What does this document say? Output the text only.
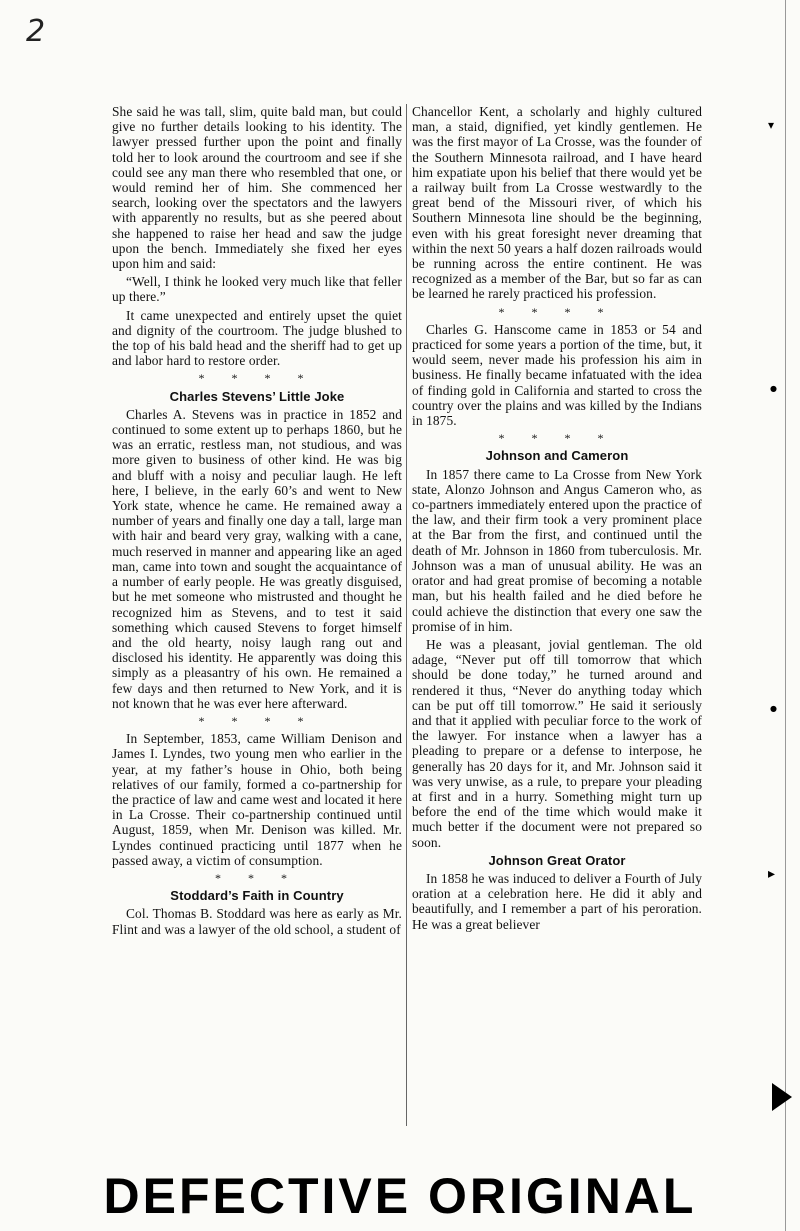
2

She said he was tall, slim, quite bald man, but could give no further details looking to his identity. The lawyer pressed further upon the point and finally told her to look around the courtroom and see if she could see any man there who resembled that one, or would remind her of him. She commenced her search, looking over the spectators and the lawyers with apparently no results, but as she peered about she happened to raise her head and saw the judge upon the bench. Immediately she fixed her eyes upon him and said:

“Well, I think he looked very much like that feller up there.”

It came unexpected and entirely upset the quiet and dignity of the courtroom. The judge blushed to the top of his bald head and the sheriff had to get up and labor hard to restore order.

* * * *
Charles Stevens’ Little Joke

Charles A. Stevens was in practice in 1852 and continued to some extent up to perhaps 1860, but he was an erratic, restless man, not studious, and was more given to business of other kind. He was big and bluff with a noisy and peculiar laugh. He left here, I believe, in the early 60’s and went to New York state, whence he came. He remained away a number of years and finally one day a tall, large man with hair and beard very gray, walking with a cane, much reserved in manner and appearing like an aged man, came into town and sought the acquaintance of a number of early people. He was greatly disguised, but he met someone who mistrusted and thought he recognized him as Stevens, and to test it said something which caused Stevens to forget himself and the old hearty, noisy laugh rang out and disclosed his identity. He apparently was doing this simply as a pleasantry of his own. He remained a few days and then returned to New York, and it is not known that he was ever here afterward.

* * * *

In September, 1853, came William Denison and James I. Lyndes, two young men who earlier in the year, at my father’s house in Ohio, both being relatives of our family, formed a co-partnership for the practice of law and came west and located it here in La Crosse. Their co-partnership continued until August, 1859, when Mr. Denison was killed. Mr. Lyndes continued practicing until 1877 when he passed away, a victim of consumption.

* * *
Stoddard’s Faith in Country

Col. Thomas B. Stoddard was here as early as Mr. Flint and was a lawyer of the old school, a student of

Chancellor Kent, a scholarly and highly cultured man, a staid, dignified, yet kindly gentlemen. He was the first mayor of La Crosse, was the founder of the Southern Minnesota railroad, and I have heard him expatiate upon his belief that there would yet be a railway built from La Crosse westwardly to the great bend of the Missouri river, of which his Southern Minnesota line should be the beginning, even with his great foresight never dreaming that within the next 50 years a half dozen railroads would be running across the entire continent. He was recognized as a member of the Bar, but so far as can be learned he rarely practiced his profession.

* * * *

Charles G. Hanscome came in 1853 or 54 and practiced for some years a portion of the time, but, it would seem, never made his profession his aim in business. He finally became infatuated with the idea of finding gold in California and started to cross the country over the plains and was killed by the Indians in 1875.

* * * *
Johnson and Cameron

In 1857 there came to La Crosse from New York state, Alonzo Johnson and Angus Cameron who, as co-partners immediately entered upon the practice of the law, and their firm took a very prominent place at the Bar from the first, and continued until the death of Mr. Johnson in 1860 from tuberculosis. Mr. Johnson was a man of unusual ability. He was an orator and had great promise of becoming a notable man, but his health failed and he died before he could achieve the distinction that every one saw the promise of in him.

He was a pleasant, jovial gentleman. The old adage, “Never put off till tomorrow that which should be done today,” he turned around and rendered it thus, “Never do anything today which can be put off till tomorrow.” He said it seriously and that it applied with peculiar force to the work of the lawyer. For instance when a lawyer has a pleading to prepare or a defense to interpose, he generally has 20 days for it, and Mr. Johnson said it was very unwise, as a rule, to prepare your pleading at first and in a hurry. Something might turn up before the end of the time which would make it much better if the document were not prepared so soon.

Johnson Great Orator

In 1858 he was induced to deliver a Fourth of July oration at a celebration here. He did it ably and beautifully, and I remember a part of his peroration. He was a great believer

▾
●
●
▸
DEFECTIVE ORIGINAL
